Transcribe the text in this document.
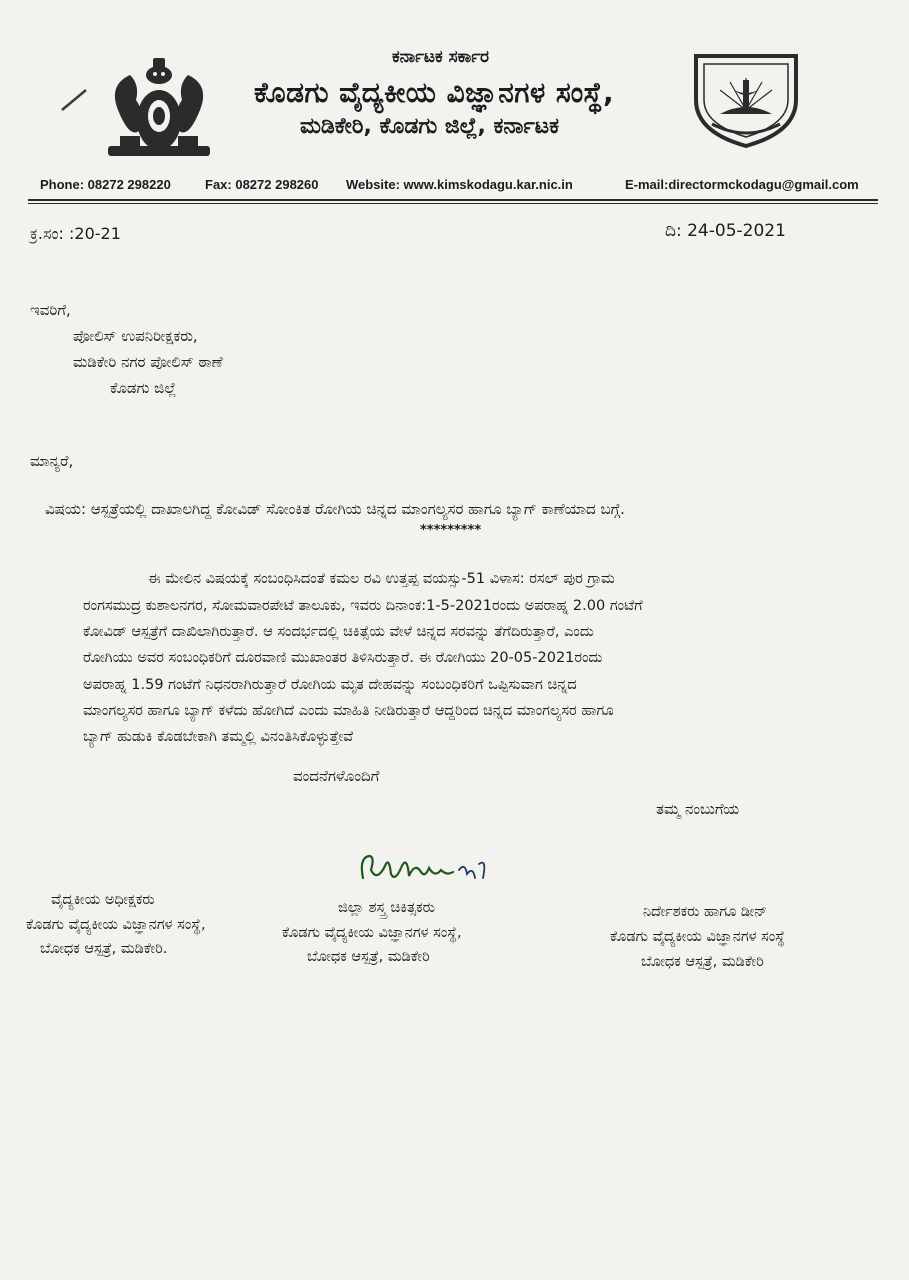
ಕರ್ನಾಟಕ ಸರ್ಕಾರ
ಕೊಡಗು ವೈದ್ಯಕೀಯ ವಿಜ್ಞಾನಗಳ ಸಂಸ್ಥೆ,
ಮಡಿಕೇರಿ, ಕೊಡಗು ಜಿಲ್ಲೆ, ಕರ್ನಾಟಕ
Phone: 08272 298220	Fax: 08272 298260 Website: www.kimskodagu.kar.nic.in	E-mail:directormckodagu@gmail.com
ಕ್ರ.ಸಂ: :20-21	ದಿ: 24-05-2021
ಇವರಿಗೆ,
ಪೋಲಿಸ್ ಉಪನಿರೀಕ್ಷಕರು,
ಮಡಿಕೇರಿ ನಗರ ಪೋಲಿಸ್ ಠಾಣೆ
ಕೊಡಗು ಜಿಲ್ಲೆ
ಮಾನ್ಯರೆ,
ವಿಷಯ: ಆಸ್ಪತ್ರೆಯಲ್ಲಿ ದಾಖಾಲಗಿದ್ದ ಕೋವಿಡ್ ಸೋಂಕಿತ ರೋಗಿಯ ಚಿನ್ನದ ಮಾಂಗಲ್ಯಸರ ಹಾಗೂ ಬ್ಯಾಗ್ ಕಾಣೆಯಾದ ಬಗ್ಗೆ.
*********
ಈ ಮೇಲಿನ ವಿಷಯಕ್ಕೆ ಸಂಬಂಧಿಸಿದಂತೆ ಕಮಲ ರವಿ ಉತ್ತಪ್ಪ ವಯಸ್ಸು-51 ವಿಳಾಸ: ರಸಲ್ ಪುರ ಗ್ರಾಮ
ರಂಗಸಮುದ್ರ ಕುಶಾಲನಗರ, ಸೋಮವಾರಪೇಟೆ ತಾಲೂಕು, ಇವರು ದಿನಾಂಕ:1-5-2021ರಂದು ಅಪರಾಹ್ನ 2.00 ಗಂಟೆಗೆ
ಕೋವಿಡ್ ಆಸ್ಪತ್ರೆಗೆ ದಾಖಿಲಾಗಿರುತ್ತಾರೆ. ಆ ಸಂದರ್ಭದಲ್ಲಿ ಚಿಕಿತ್ಸೆಯ ವೇಳೆ ಚಿನ್ನದ ಸರವನ್ನು ತೆಗೆದಿರುತ್ತಾರೆ, ಎಂದು
ರೋಗಿಯು ಅವರ ಸಂಬಂಧಿಕರಿಗೆ ದೂರವಾಣಿ ಮುಖಾಂತರ ತಿಳಿಸಿರುತ್ತಾರೆ. ಈ ರೋಗಿಯು 20-05-2021ರಂದು
ಅಪರಾಹ್ನ 1.59 ಗಂಟೆಗೆ ನಿಧನರಾಗಿರುತ್ತಾರೆ ರೋಗಿಯ ಮೃತ ದೇಹವನ್ನು ಸಂಬಂಧಿಕರಿಗೆ ಒಪ್ಪಿಸುವಾಗ ಚಿನ್ನದ
ಮಾಂಗಲ್ಯಸರ ಹಾಗೂ ಬ್ಯಾಗ್ ಕಳೆದು ಹೋಗಿದೆ ಎಂದು ಮಾಹಿತಿ ನೀಡಿರುತ್ತಾರೆ ಆದ್ದರಿಂದ ಚಿನ್ನದ ಮಾಂಗಲ್ಯಸರ ಹಾಗೂ
ಬ್ಯಾಗ್ ಹುಡುಕಿ ಕೊಡಬೇಕಾಗಿ ತಮ್ಮಲ್ಲಿ ವಿನಂತಿಸಿಕೊಳ್ಳುತ್ತೇವೆ
ವಂದನೆಗಳೊಂದಿಗೆ
ತಮ್ಮ ನಂಬುಗೆಯ
ವೈದ್ಯಕೀಯ ಅಧೀಕ್ಷಕರು
ಕೊಡಗು ವೈದ್ಯಕೀಯ ವಿಜ್ಞಾನಗಳ ಸಂಸ್ಥೆ,
ಬೋಧಕ ಆಸ್ಪತ್ರೆ, ಮಡಿಕೇರಿ.
ಜಿಲ್ಲಾ ಶಸ್ತ್ರ ಚಿಕಿತ್ಸಕರು
ಕೊಡಗು ವೈದ್ಯಕೀಯ ವಿಜ್ಞಾನಗಳ ಸಂಸ್ಥೆ,
ಬೋಧಕ ಆಸ್ಪತ್ರೆ, ಮಡಿಕೇರಿ
ನಿರ್ದೇಶಕರು ಹಾಗೂ ಡೀನ್
ಕೊಡಗು ವೈದ್ಯಕೀಯ ವಿಜ್ಞಾನಗಳ ಸಂಸ್ಥೆ
ಬೋಧಕ ಆಸ್ಪತ್ರೆ, ಮಡಿಕೇರಿ
